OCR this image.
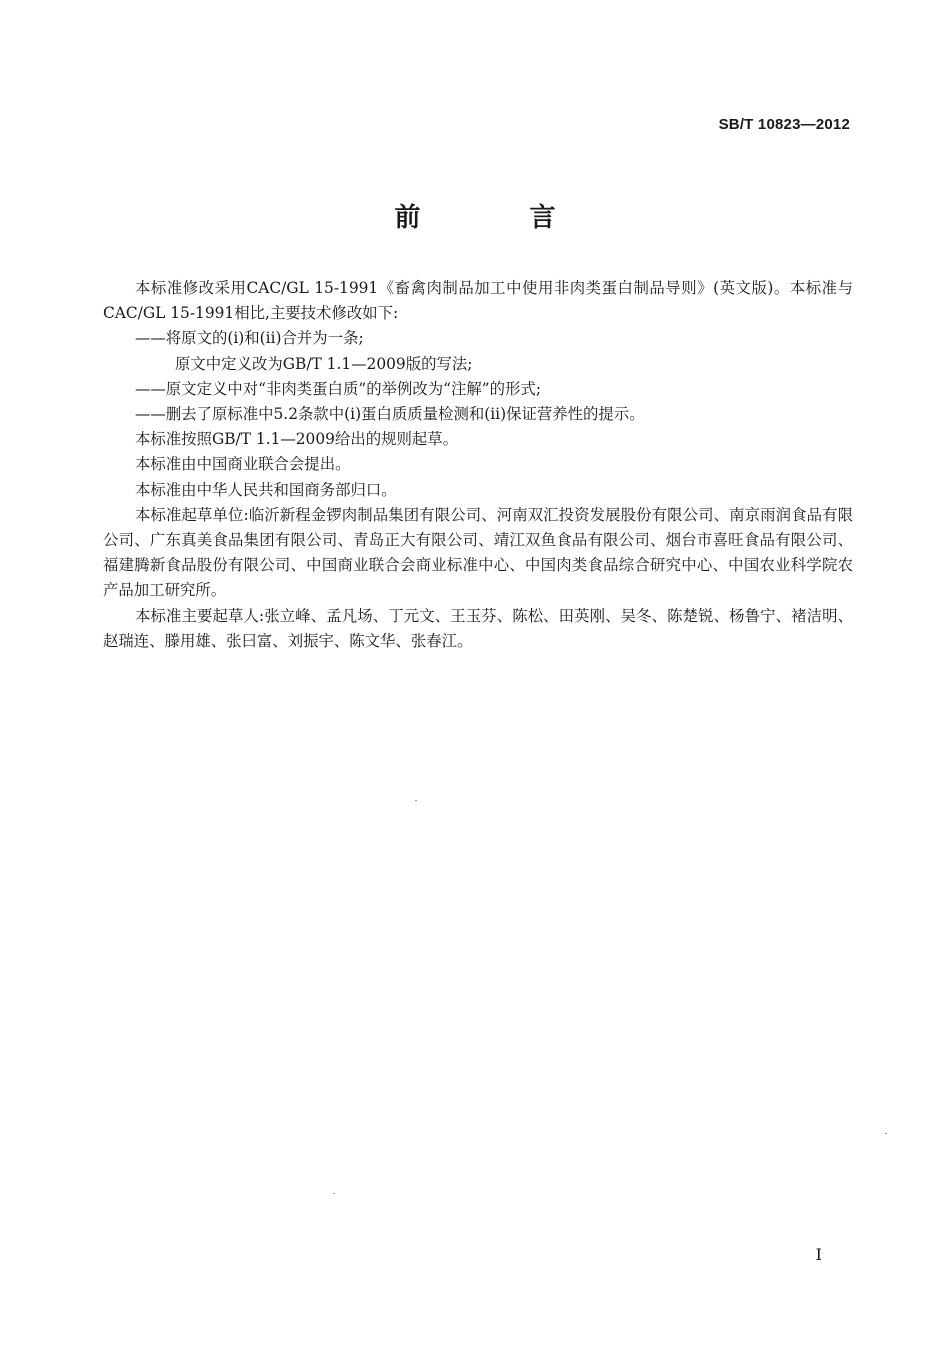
SB/T 10823—2012
前 言

本标准修改采用CAC/GL 15-1991《畜禽肉制品加工中使用非肉类蛋白制品导则》(英文版)。本标准与CAC/GL 15-1991相比,主要技术修改如下:

——将原文的(ⅰ)和(ⅱ)合并为一条;

原文中定义改为GB/T 1.1—2009版的写法;

——原文定义中对“非肉类蛋白质”的举例改为“注解”的形式;

——删去了原标准中5.2条款中(ⅰ)蛋白质质量检测和(ⅱ)保证营养性的提示。

本标准按照GB/T 1.1—2009给出的规则起草。

本标准由中国商业联合会提出。

本标准由中华人民共和国商务部归口。

本标准起草单位:临沂新程金锣肉制品集团有限公司、河南双汇投资发展股份有限公司、南京雨润食品有限公司、广东真美食品集团有限公司、青岛正大有限公司、靖江双鱼食品有限公司、烟台市喜旺食品有限公司、福建腾新食品股份有限公司、中国商业联合会商业标准中心、中国肉类食品综合研究中心、中国农业科学院农产品加工研究所。

本标准主要起草人:张立峰、孟凡场、丁元文、王玉芬、陈松、田英刚、吴冬、陈楚锐、杨鲁宁、褚洁明、赵瑞连、滕用雄、张曰富、刘振宇、陈文华、张春江。

I
